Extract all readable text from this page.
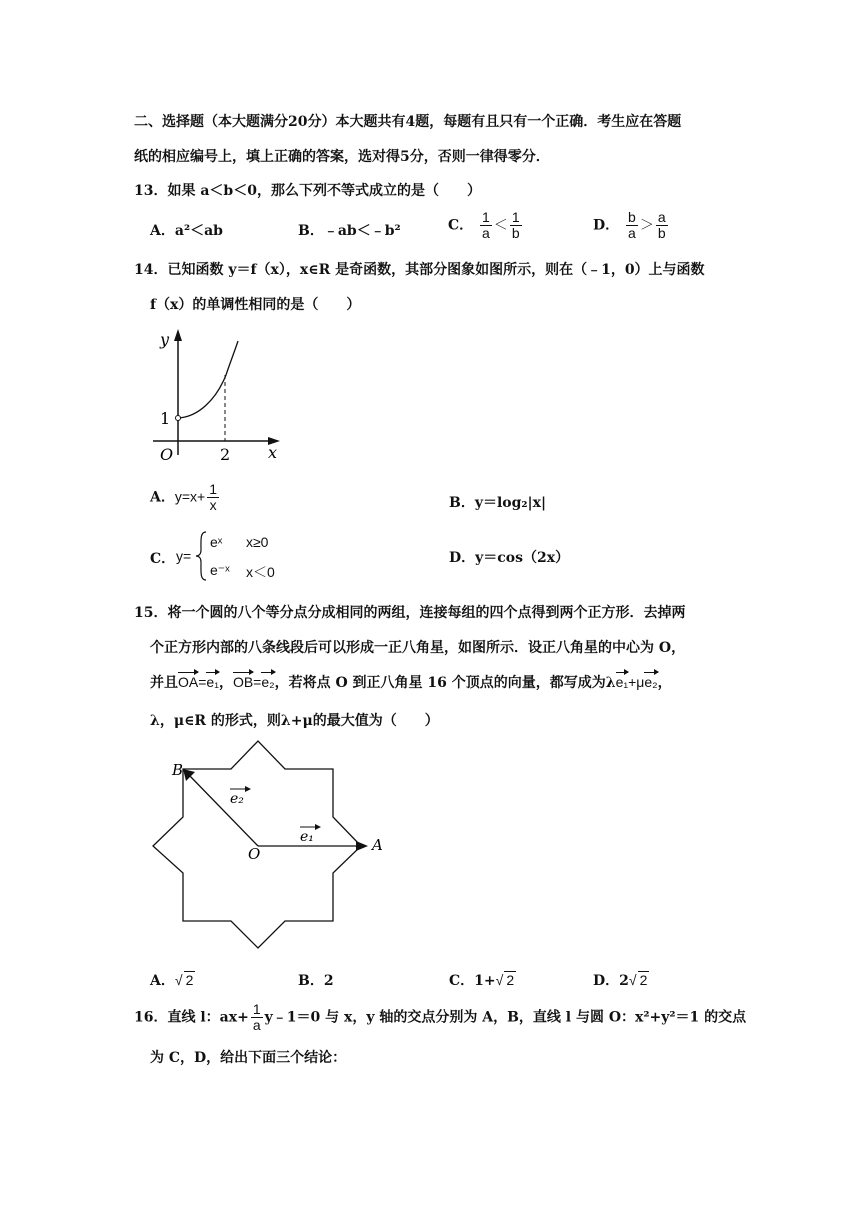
二、选择题（本大题满分20分）本大题共有4题，每题有且只有一个正确．考生应在答题
纸的相应编号上，填上正确的答案，选对得5分，否则一律得零分．
13．如果 a＜b＜0，那么下列不等式成立的是（　　）
A．a²＜ab	B．﹣ab＜﹣b²	C． $\frac{1}{a} < \frac{1}{b}$	D． $\frac{b}{a} > \frac{a}{b}$
14．已知函数 y＝f（x），x∈R 是奇函数，其部分图象如图所示，则在（﹣1，0）上与函数
f（x）的单调性相同的是（　　）
y
x
O
1
2
A．$y=x+ \frac{1}{x}$	B．y＝log₂|x|
C． y=
eˣ x≥0
e⁻ˣ x＜0
D．y＝cos（2x）
15．将一个圆的八个等分点分成相同的两组，连接每组的四个点得到两个正方形．去掉两
个正方形内部的八条线段后可以形成一正八角星，如图所示．设正八角星的中心为 O，
并且OA=e₁，OB=e₂，若将点 O 到正八角星 16 个顶点的向量，都写成为λe₁+μe₂，
λ，μ∈R 的形式，则λ+μ的最大值为（　　）
B
A
O
e₁
e₂
A．√ 2	B．2	C．1+√ 2	D．2√ 2
16．直线 l：$ax+ \frac{1}{a}$ y﹣1＝0 与 x，y 轴的交点分别为 A，B，直线 l 与圆 O：x²+y²＝1 的交点
为 C，D，给出下面三个结论：
